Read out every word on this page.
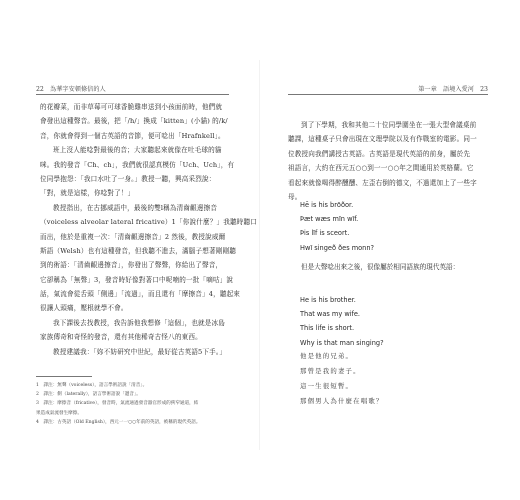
22　為華字安頓條信的人
的花瓣菜，而非草莓可可球香脆雞串送到小孩面前時，他們就
會發出這種聲音。最後，把「/h/」換成「kitten」(小貓) 的/k/
音，你就會得到一個古英語的音節，便可唸出「Hrafnkell」。
班上沒人能唸對最後的音；大家聽起來就像在吐毛球的貓
咪。我的發音「Ch、ch」，我們就很認真模仿「Uch、Uch」，有
位同學抱怨：「我口水吐了一身。」教授一聽，興高采烈說：
「對，就是這樣，你唸對了！」
教授指出，在古挪威語中，最後的雙l稱為清齒齦邊擦音
（voiceless alveolar lateral fricative）1「你說什麼？」我聽時聽口
而出，他於是重複一次：「清齒齦邊擦音」2 然後，教授說威爾
斯語（Welsh）也有這種發音，但我聽不進去，滿腦子想著剛剛聽
到的術語：「清齒齦邊擦音」，你發出了聲聲，你給出了聲音，
它卻稱為「無聲」3，發音時好像對著口中呢喃的一批「嘀咕」說
話，氣流會從舌頭「側邊」「流過」，而且還有「摩擦音」4，聽起來
很讓人頭痛，壓根就學不會。
我下課後去找教授，我告訴他我想修「這個」，也就是冰島
家族傳奇和奇怪的發音，還有其他稀奇古怪八的東西。
教授建議我：「妳不妨研究中世紀，最好從古英語5下手。」
1　譯注：無聲（voiceless），語言學術語說「清音」。
2　譯注：側（laterally），語言學術語說「邊音」。
3　譯注：摩擦音（fricative），發音時，氣流通過發音器官形成的狹窄通道，結
果造成氣流發生摩擦。
4　譯注：古英語（Old English），西元一一○○年前的英語，被稱的現代英語。
第一章　語境入愛河　23
到了下學期，我和其他二十位同學圍坐在一張大型會議桌前
聽課，這種桌子只會出現在文理學院以及有作戰室的電影。同一
位教授向我們講授古英語。古英語是現代英語的前身，屬於先
祖語言，大約在西元五○○到一一○○年之間通用於英格蘭。它
看起來就像喝得醉醺醺、左歪右倒的德文，不過還加上了一些字
母。
Hē is his brōðor.
Þæt wæs mīn wīf.
Þis līf is sceort.
Hwī singeð ðes monn?
但是大聲唸出來之後，很像屬於相同語族的現代英語：
He is his brother.
That was my wife.
This life is short.
Why is that man singing?
他是他的兄弟。
那曾是我的妻子。
這一生很短暫。
那個男人為什麼在唱歌？
